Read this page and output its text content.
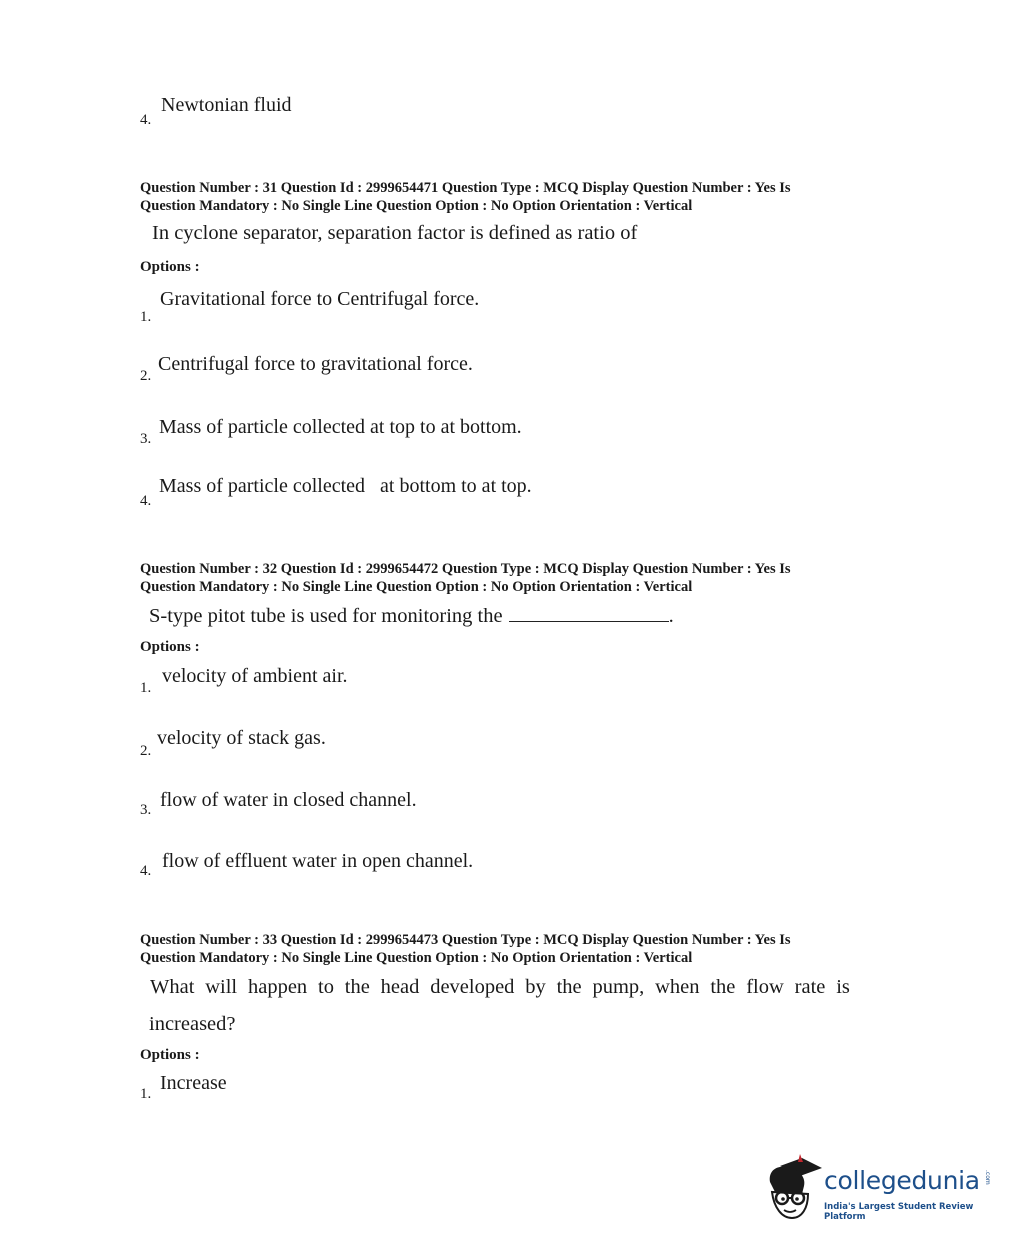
Newtonian fluid
4.
Question Number : 31 Question Id : 2999654471 Question Type : MCQ Display Question Number : Yes Is
Question Mandatory : No Single Line Question Option : No Option Orientation : Vertical
In cyclone separator, separation factor is defined as ratio of
Options :
Gravitational force to Centrifugal force.
1.
Centrifugal force to gravitational force.
2.
Mass of particle collected at top to at bottom.
3.
Mass of particle collected   at bottom to at top.
4.
Question Number : 32 Question Id : 2999654472 Question Type : MCQ Display Question Number : Yes Is
Question Mandatory : No Single Line Question Option : No Option Orientation : Vertical
S-type pitot tube is used for monitoring the	.
Options :
velocity of ambient air.
1.
velocity of stack gas.
2.
flow of water in closed channel.
3.
flow of effluent water in open channel.
4.
Question Number : 33 Question Id : 2999654473 Question Type : MCQ Display Question Number : Yes Is
Question Mandatory : No Single Line Question Option : No Option Orientation : Vertical
What will happen to the head developed by the pump, when the flow rate is
increased?
Options :
Increase
1.
collegedunia .com
India's Largest Student Review Platform
